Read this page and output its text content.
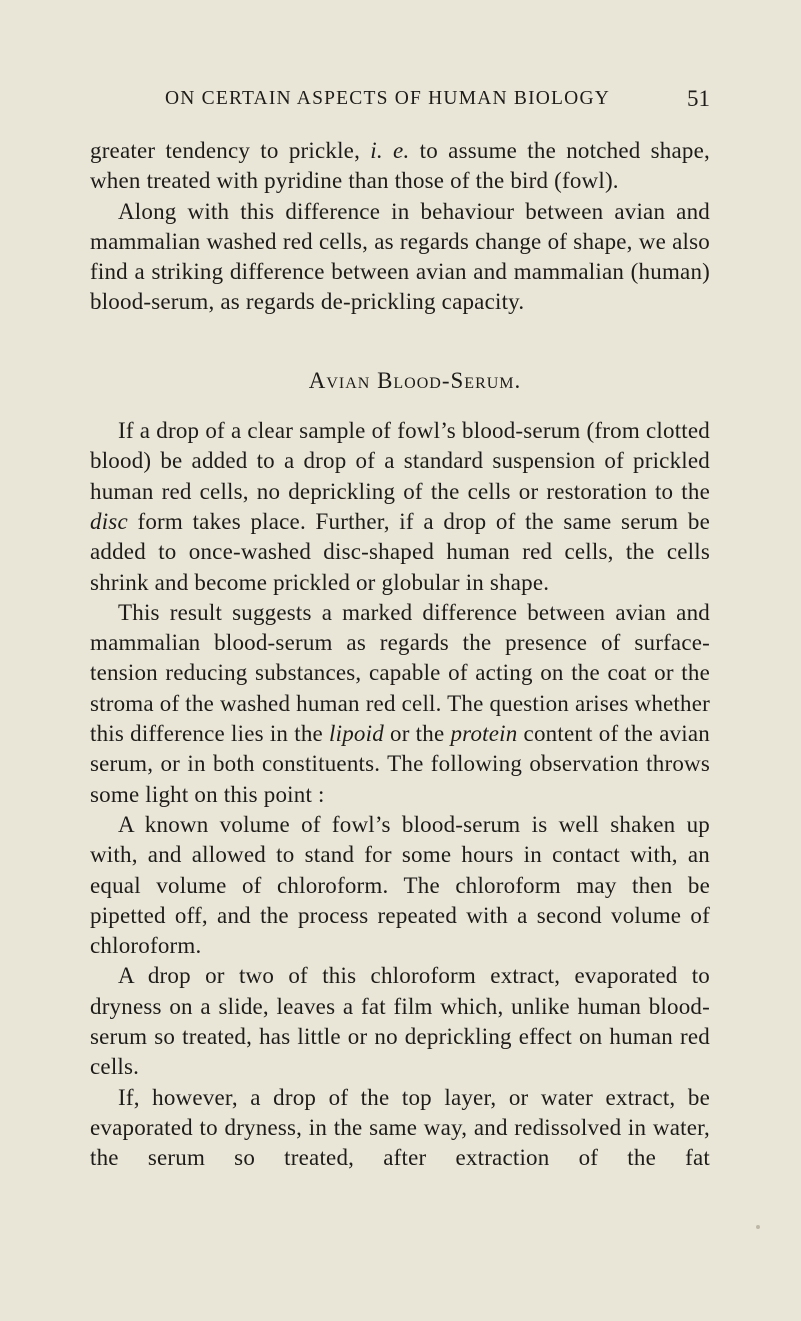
ON CERTAIN ASPECTS OF HUMAN BIOLOGY	51

greater tendency to prickle, i. e. to assume the notched shape, when treated with pyridine than those of the bird (fowl).

Along with this difference in behaviour between avian and mammalian washed red cells, as regards change of shape, we also find a striking difference between avian and mammalian (human) blood-serum, as regards de-prickling capacity.

Avian Blood-Serum.

If a drop of a clear sample of fowl’s blood-serum (from clotted blood) be added to a drop of a standard suspension of prickled human red cells, no deprickling of the cells or restoration to the disc form takes place. Further, if a drop of the same serum be added to once-washed disc-shaped human red cells, the cells shrink and become prickled or globular in shape.

This result suggests a marked difference between avian and mammalian blood-serum as regards the presence of surface-tension reducing substances, capable of acting on the coat or the stroma of the washed human red cell. The question arises whether this difference lies in the lipoid or the protein content of the avian serum, or in both constituents. The following observation throws some light on this point :

A known volume of fowl’s blood-serum is well shaken up with, and allowed to stand for some hours in contact with, an equal volume of chloroform. The chloroform may then be pipetted off, and the process repeated with a second volume of chloroform.

A drop or two of this chloroform extract, evaporated to dryness on a slide, leaves a fat film which, unlike human blood-serum so treated, has little or no deprickling effect on human red cells.

If, however, a drop of the top layer, or water extract, be evaporated to dryness, in the same way, and redissolved in water, the serum so treated, after extraction of the fat
